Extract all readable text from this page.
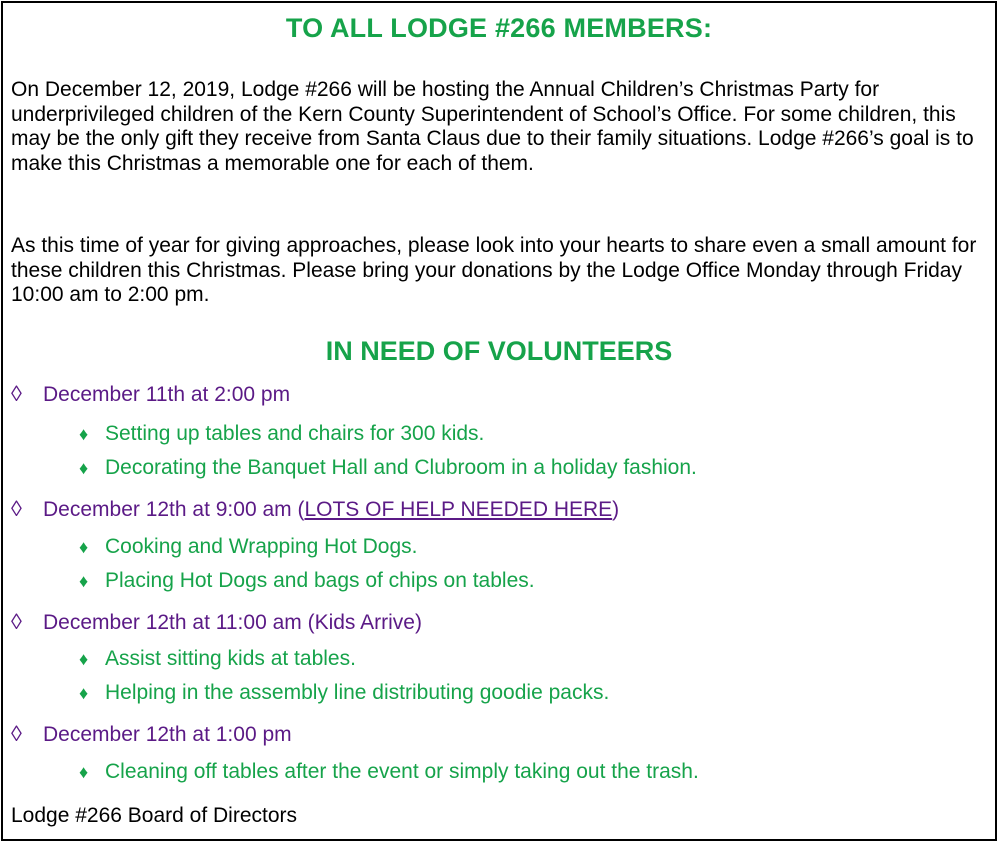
TO ALL LODGE #266 MEMBERS:

On December 12, 2019, Lodge #266 will be hosting the Annual Children’s Christmas Party for underprivileged children of the Kern County Superintendent of School’s Office. For some children, this may be the only gift they receive from Santa Claus due to their family situations. Lodge #266’s goal is to make this Christmas a memorable one for each of them.

As this time of year for giving approaches, please look into your hearts to share even a small amount for these children this Christmas. Please bring your donations by the Lodge Office Monday through Friday 10:00 am to 2:00 pm.

IN NEED OF VOLUNTEERS
◊ December 11th at 2:00 pm
♦ Setting up tables and chairs for 300 kids.
♦ Decorating the Banquet Hall and Clubroom in a holiday fashion.
◊ December 12th at 9:00 am (LOTS OF HELP NEEDED HERE)
♦ Cooking and Wrapping Hot Dogs.
♦ Placing Hot Dogs and bags of chips on tables.
◊ December 12th at 11:00 am (Kids Arrive)
♦ Assist sitting kids at tables.
♦ Helping in the assembly line distributing goodie packs.
◊ December 12th at 1:00 pm
♦ Cleaning off tables after the event or simply taking out the trash.
Lodge #266 Board of Directors
